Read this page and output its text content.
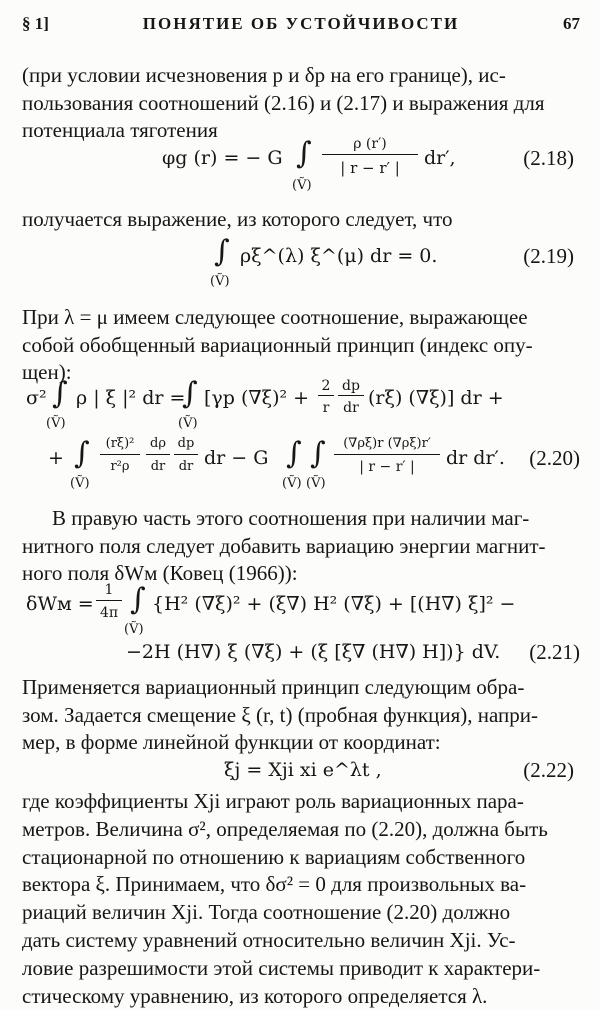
§ 1]	ПОНЯТИЕ ОБ УСТОЙЧИВОСТИ	67
(при условии исчезновения p и δp на его границе), ис-
пользования соотношений (2.16) и (2.17) и выражения для
потенциала тяготения
φg (r) = − G ∫
(Ṽ)
ρ (r′)
| r − r′ |	dr′,	(2.18)
получается выражение, из которого следует, что
∫
(Ṽ)
ρξ^(λ) ξ^(μ) dr = 0.	(2.19)
При λ = μ имеем следующее соотношение, выражающее
собой обобщенный вариационный принцип (индекс опу-
щен):
σ² ∫
(Ṽ)
ρ | ξ |² dr =
∫
(Ṽ)
[γp (∇ξ)² +
2
r
dp
dr (rξ) (∇ξ)] dr +
+ ∫
(Ṽ)
(rξ)²
r²ρ
dρ
dr
dp
dr dr − G ∫
(Ṽ)
∫
(Ṽ)
(∇ρξ)r (∇ρξ)r′
| r − r′ |	dr dr′. (2.20)
В правую часть этого соотношения при наличии маг-
нитного поля следует добавить вариацию энергии магнит-
ного поля δWм (Ковец (1966)):
δWм =
1
4π ∫
(Ṽ)
{H² (∇ξ)² + (ξ∇) H² (∇ξ) + [(H∇) ξ]² −
−2H (H∇) ξ (∇ξ) + (ξ [ξ∇ (H∇) H])} dV. (2.21)
Применяется вариационный принцип следующим обра-
зом. Задается смещение ξ (r, t) (пробная функция), напри-
мер, в форме линейной функции от координат:
ξj = Xji xi e^λt ,	(2.22)
где коэффициенты Xji играют роль вариационных пара-
метров. Величина σ², определяемая по (2.20), должна быть
стационарной по отношению к вариациям собственного
вектора ξ. Принимаем, что δσ² = 0 для произвольных ва-
риаций величин Xji. Тогда соотношение (2.20) должно
дать систему уравнений относительно величин Xji. Ус-
ловие разрешимости этой системы приводит к характери-
стическому уравнению, из которого определяется λ.
